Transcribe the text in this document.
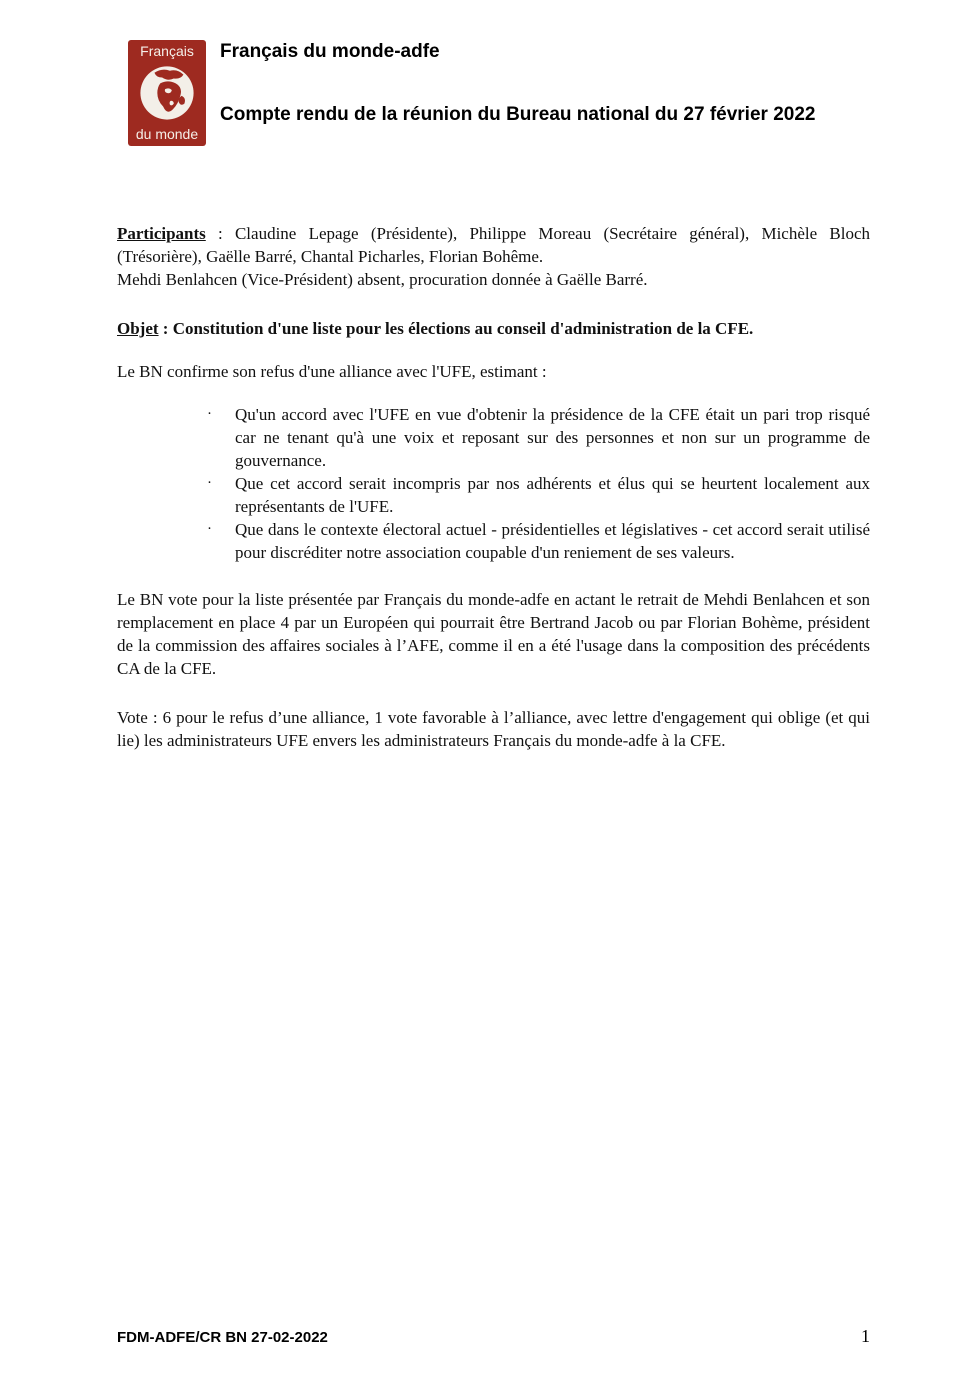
Français
du monde

Français du monde-adfe

Compte rendu de la réunion du Bureau national du 27 février 2022

Participants : Claudine Lepage (Présidente), Philippe Moreau (Secrétaire général), Michèle Bloch (Trésorière), Gaëlle Barré, Chantal Picharles, Florian Bohême.
Mehdi Benlahcen (Vice-Président) absent, procuration donnée à Gaëlle Barré.

Objet : Constitution d'une liste pour les élections au conseil d'administration de la CFE.

Le BN confirme son refus d'une alliance avec l'UFE, estimant :

· Qu'un accord avec l'UFE en vue d'obtenir la présidence de la CFE était un pari trop risqué car ne tenant qu'à une voix et reposant sur des personnes et non sur un programme de gouvernance.
· Que cet accord serait incompris par nos adhérents et élus qui se heurtent localement aux représentants de l'UFE.
· Que dans le contexte électoral actuel - présidentielles et législatives - cet accord serait utilisé pour discréditer notre association coupable d'un reniement de ses valeurs.

Le BN vote pour la liste présentée par Français du monde-adfe en actant le retrait de Mehdi Benlahcen et son remplacement en place 4 par un Européen qui pourrait être Bertrand Jacob ou par Florian Bohème, président de la commission des affaires sociales à l’AFE, comme il en a été l'usage dans la composition des précédents CA de la CFE.

Vote : 6 pour le refus d’une alliance, 1 vote favorable à l’alliance, avec lettre d'engagement qui oblige (et qui lie) les administrateurs UFE envers les administrateurs Français du monde-adfe à la CFE.

FDM-ADFE/CR BN 27-02-2022	1
